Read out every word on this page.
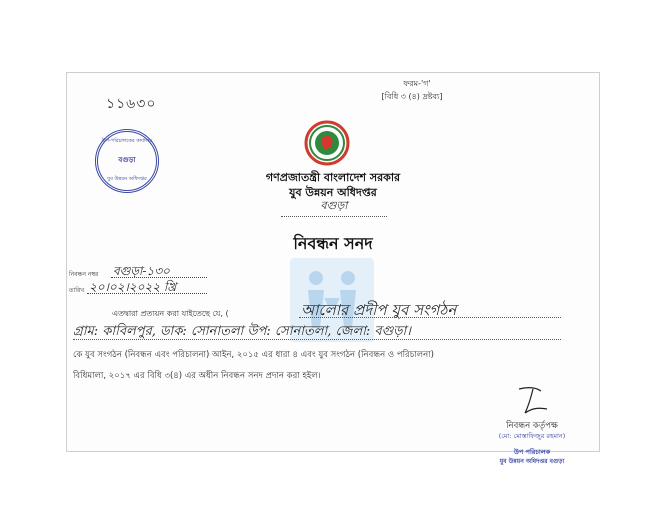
১১৬৩০
ফরম-'গ'
[বিধি ৩ (৪) দ্রষ্টব্য]
উপ-পরিচালকের কার্যালয়
বগুড়া
যুব উন্নয়ন অধিদপ্তর	গণপ্রজাতন্ত্রী বাংলাদেশ সরকার
যুব উন্নয়ন অধিদপ্তর
বগুড়া
নিবন্ধন সনদ
নিবন্ধন নম্বর বগুড়া-১৩০
তারিখ ২০।০২।২০২২ খ্রি
এতদ্বারা প্রত্যয়ন করা যাইতেছে যে, (	আলোর প্রদীপ যুব সংগঠন
গ্রাম: কাবিলপুর, ডাক: সোনাতলা উপ: সোনাতলা, জেলা: বগুড়া।
কে যুব সংগঠন (নিবন্ধন এবং পরিচালনা) আইন, ২০১৫ এর ধারা ৪ এবং যুব সংগঠন (নিবন্ধন ও পরিচালনা)
বিধিমালা, ২০১৭ এর বিধি ৩(৪) এর অধীন নিবন্ধন সনদ প্রদান করা হইল।
নিবন্ধন কর্তৃপক্ষ
(মো: মোস্তাফিজুর রহমান)
উপ পরিচালক
যুব উন্নয়ন অধিদপ্তর বগুড়া
